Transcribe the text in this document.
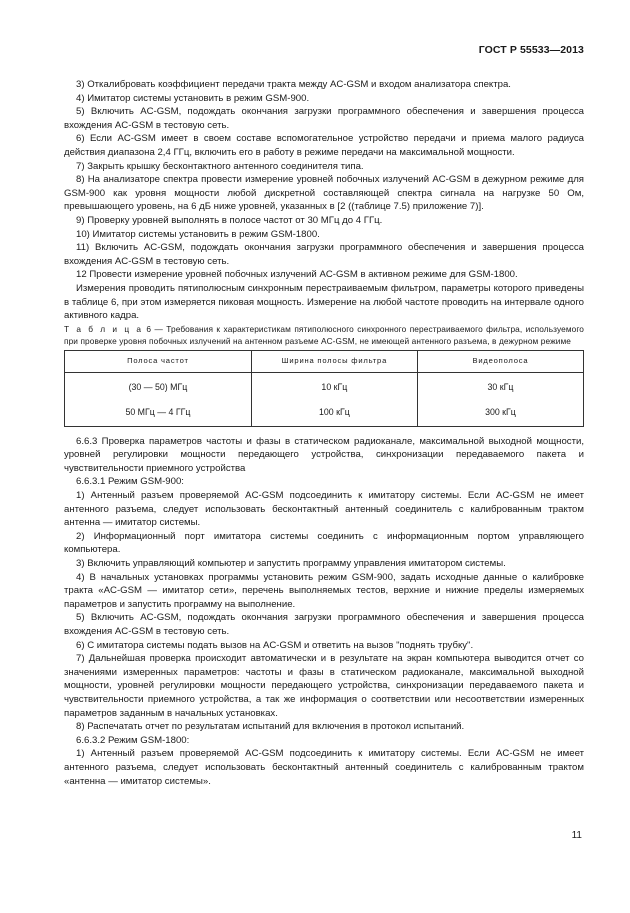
ГОСТ Р 55533—2013

3) Откалибровать коэффициент передачи тракта между AC-GSM и входом анализатора спектра.

4) Имитатор системы установить в режим GSM-900.

5) Включить AC-GSM, подождать окончания загрузки программного обеспечения и завершения процесса вхождения AC-GSM в тестовую сеть.

6) Если AC-GSM имеет в своем составе вспомогательное устройство передачи и приема малого радиуса действия диапазона 2,4 ГГц, включить его в работу в режиме передачи на максимальной мощности.

7) Закрыть крышку бесконтактного антенного соединителя типа.

8) На анализаторе спектра провести измерение уровней побочных излучений AC-GSM в дежурном режиме для GSM-900 как уровня мощности любой дискретной составляющей спектра сигнала на нагрузке 50 Ом, превышающего уровень, на 6 дБ ниже уровней, указанных в [2 ((таблице 7.5) приложение 7)].

9) Проверку уровней выполнять в полосе частот от 30 МГц до 4 ГГц.

10) Имитатор системы установить в режим GSM-1800.

11) Включить AC-GSM, подождать окончания загрузки программного обеспечения и завершения процесса вхождения AC-GSM в тестовую сеть.

12 Провести измерение уровней побочных излучений AC-GSM в активном режиме для GSM-1800.

Измерения проводить пятиполюсным синхронным перестраиваемым фильтром, параметры которого приведены в таблице 6, при этом измеряется пиковая мощность. Измерение на любой частоте проводить на интервале одного активного кадра.

Т а б л и ц а 6 — Требования к характеристикам пятиполюсного синхронного перестраиваемого фильтра, используемого при проверке уровня побочных излучений на антенном разъеме AC-GSM, не имеющей антенного разъема, в дежурном режиме

Полоса частот	Ширина полосы фильтра	Видеополоса
(30 — 50) МГц	10 кГц	30 кГц
50 МГц — 4 ГГц	100 кГц	300 кГц

6.6.3 Проверка параметров частоты и фазы в статическом радиоканале, максимальной выходной мощности, уровней регулировки мощности передающего устройства, синхронизации передаваемого пакета и чувствительности приемного устройства

6.6.3.1 Режим GSM-900:

1) Антенный разъем проверяемой AC-GSM подсоединить к имитатору системы. Если AC-GSM не имеет антенного разъема, следует использовать бесконтактный антенный соединитель с калиброванным трактом антенна — имитатор системы.

2) Информационный порт имитатора системы соединить с информационным портом управляющего компьютера.

3) Включить управляющий компьютер и запустить программу управления имитатором системы.

4) В начальных установках программы установить режим GSM-900, задать исходные данные о калибровке тракта «AC-GSM — имитатор сети», перечень выполняемых тестов, верхние и нижние пределы измеряемых параметров и запустить программу на выполнение.

5) Включить AC-GSM, подождать окончания загрузки программного обеспечения и завершения процесса вхождения AC-GSM в тестовую сеть.

6) С имитатора системы подать вызов на AC-GSM и ответить на вызов "поднять трубку".

7) Дальнейшая проверка происходит автоматически и в результате на экран компьютера выводится отчет со значениями измеренных параметров: частоты и фазы в статическом радиоканале, максимальной выходной мощности, уровней регулировки мощности передающего устройства, синхронизации передаваемого пакета и чувствительности приемного устройства, а так же информация о соответствии или несоответствии измеренных параметров заданным в начальных установках.

8) Распечатать отчет по результатам испытаний для включения в протокол испытаний.

6.6.3.2 Режим GSM-1800:

1) Антенный разъем проверяемой AC-GSM подсоединить к имитатору системы. Если AC-GSM не имеет антенного разъема, следует использовать бесконтактный антенный соединитель с калиброванным трактом «антенна — имитатор системы».

11
